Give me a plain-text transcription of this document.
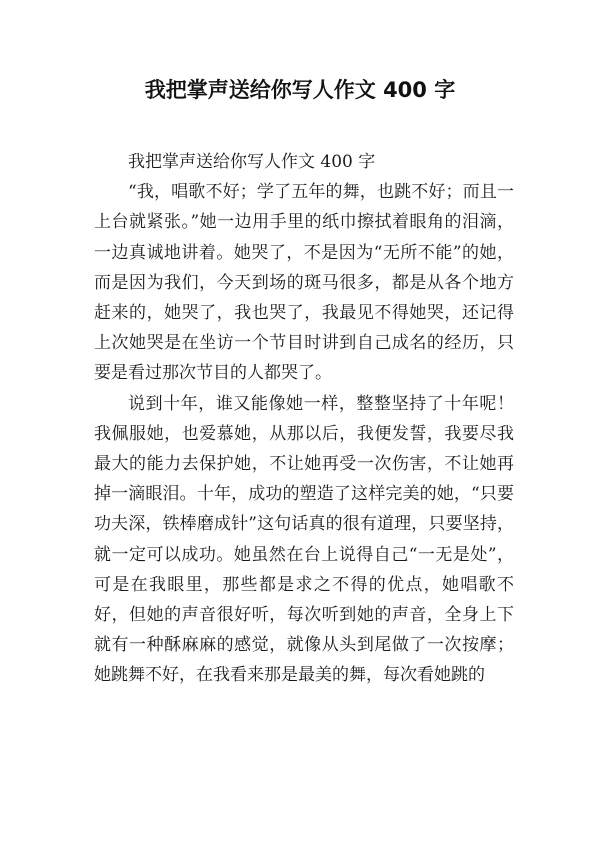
我把掌声送给你写人作文 400 字

我把掌声送给你写人作文 400 字

“我，唱歌不好；学了五年的舞，也跳不好；而且一上台就紧张。”她一边用手里的纸巾擦拭着眼角的泪滴，一边真诚地讲着。她哭了，不是因为“无所不能”的她，而是因为我们，今天到场的斑马很多，都是从各个地方赶来的，她哭了，我也哭了，我最见不得她哭，还记得上次她哭是在坐访一个节目时讲到自己成名的经历，只要是看过那次节目的人都哭了。

说到十年，谁又能像她一样，整整坚持了十年呢！我佩服她，也爱慕她，从那以后，我便发誓，我要尽我最大的能力去保护她，不让她再受一次伤害，不让她再掉一滴眼泪。十年，成功的塑造了这样完美的她，“只要功夫深，铁棒磨成针”这句话真的很有道理，只要坚持，就一定可以成功。她虽然在台上说得自己“一无是处”，可是在我眼里，那些都是求之不得的优点，她唱歌不好，但她的声音很好听，每次听到她的声音，全身上下就有一种酥麻麻的感觉，就像从头到尾做了一次按摩；她跳舞不好，在我看来那是最美的舞，每次看她跳的
